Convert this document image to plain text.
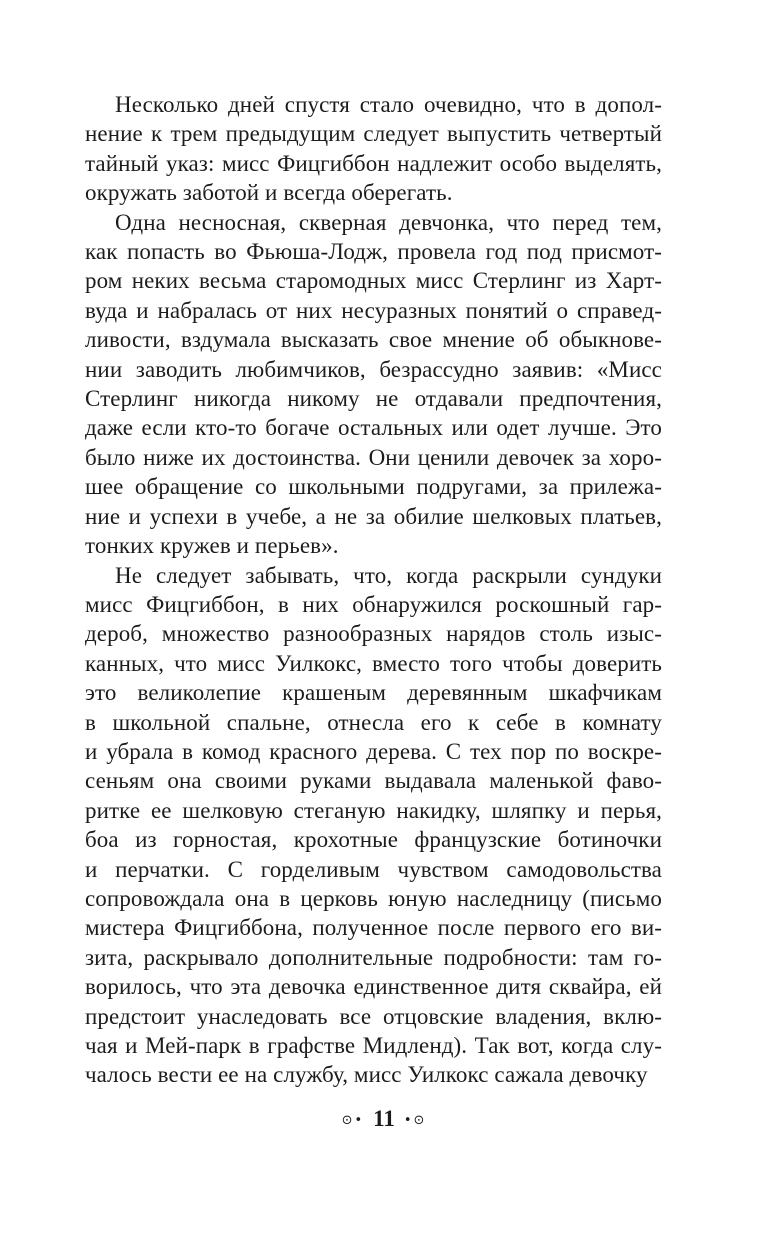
Несколько дней спустя стало очевидно, что в допол-
нение к трем предыдущим следует выпустить четвертый
тайный указ: мисс Фицгиббон надлежит особо выделять,
окружать заботой и всегда оберегать.
Одна несносная, скверная девчонка, что перед тем,
как попасть во Фьюша-Лодж, провела год под присмот-
ром неких весьма старомодных мисс Стерлинг из Харт-
вуда и набралась от них несуразных понятий о справед-
ливости, вздумала высказать свое мнение об обыкнове-
нии заводить любимчиков, безрассудно заявив: «Мисс
Стерлинг никогда никому не отдавали предпочтения,
даже если кто-то богаче остальных или одет лучше. Это
было ниже их достоинства. Они ценили девочек за хоро-
шее обращение со школьными подругами, за прилежа-
ние и успехи в учебе, а не за обилие шелковых платьев,
тонких кружев и перьев».
Не следует забывать, что, когда раскрыли сундуки
мисс Фицгиббон, в них обнаружился роскошный гар-
дероб, множество разнообразных нарядов столь изыс-
канных, что мисс Уилкокс, вместо того чтобы доверить
это великолепие крашеным деревянным шкафчикам
в школьной спальне, отнесла его к себе в комнату
и убрала в комод красного дерева. С тех пор по воскре-
сеньям она своими руками выдавала маленькой фаво-
ритке ее шелковую стеганую накидку, шляпку и перья,
боа из горностая, крохотные французские ботиночки
и перчатки. С горделивым чувством самодовольства
сопровождала она в церковь юную наследницу (письмо
мистера Фицгиббона, полученное после первого его ви-
зита, раскрывало дополнительные подробности: там го-
ворилось, что эта девочка единственное дитя сквайра, ей
предстоит унаследовать все отцовские владения, вклю-
чая и Мей-парк в графстве Мидленд). Так вот, когда слу-
чалось вести ее на службу, мисс Уилкокс сажала девочку
⊙• 11 •⊙
